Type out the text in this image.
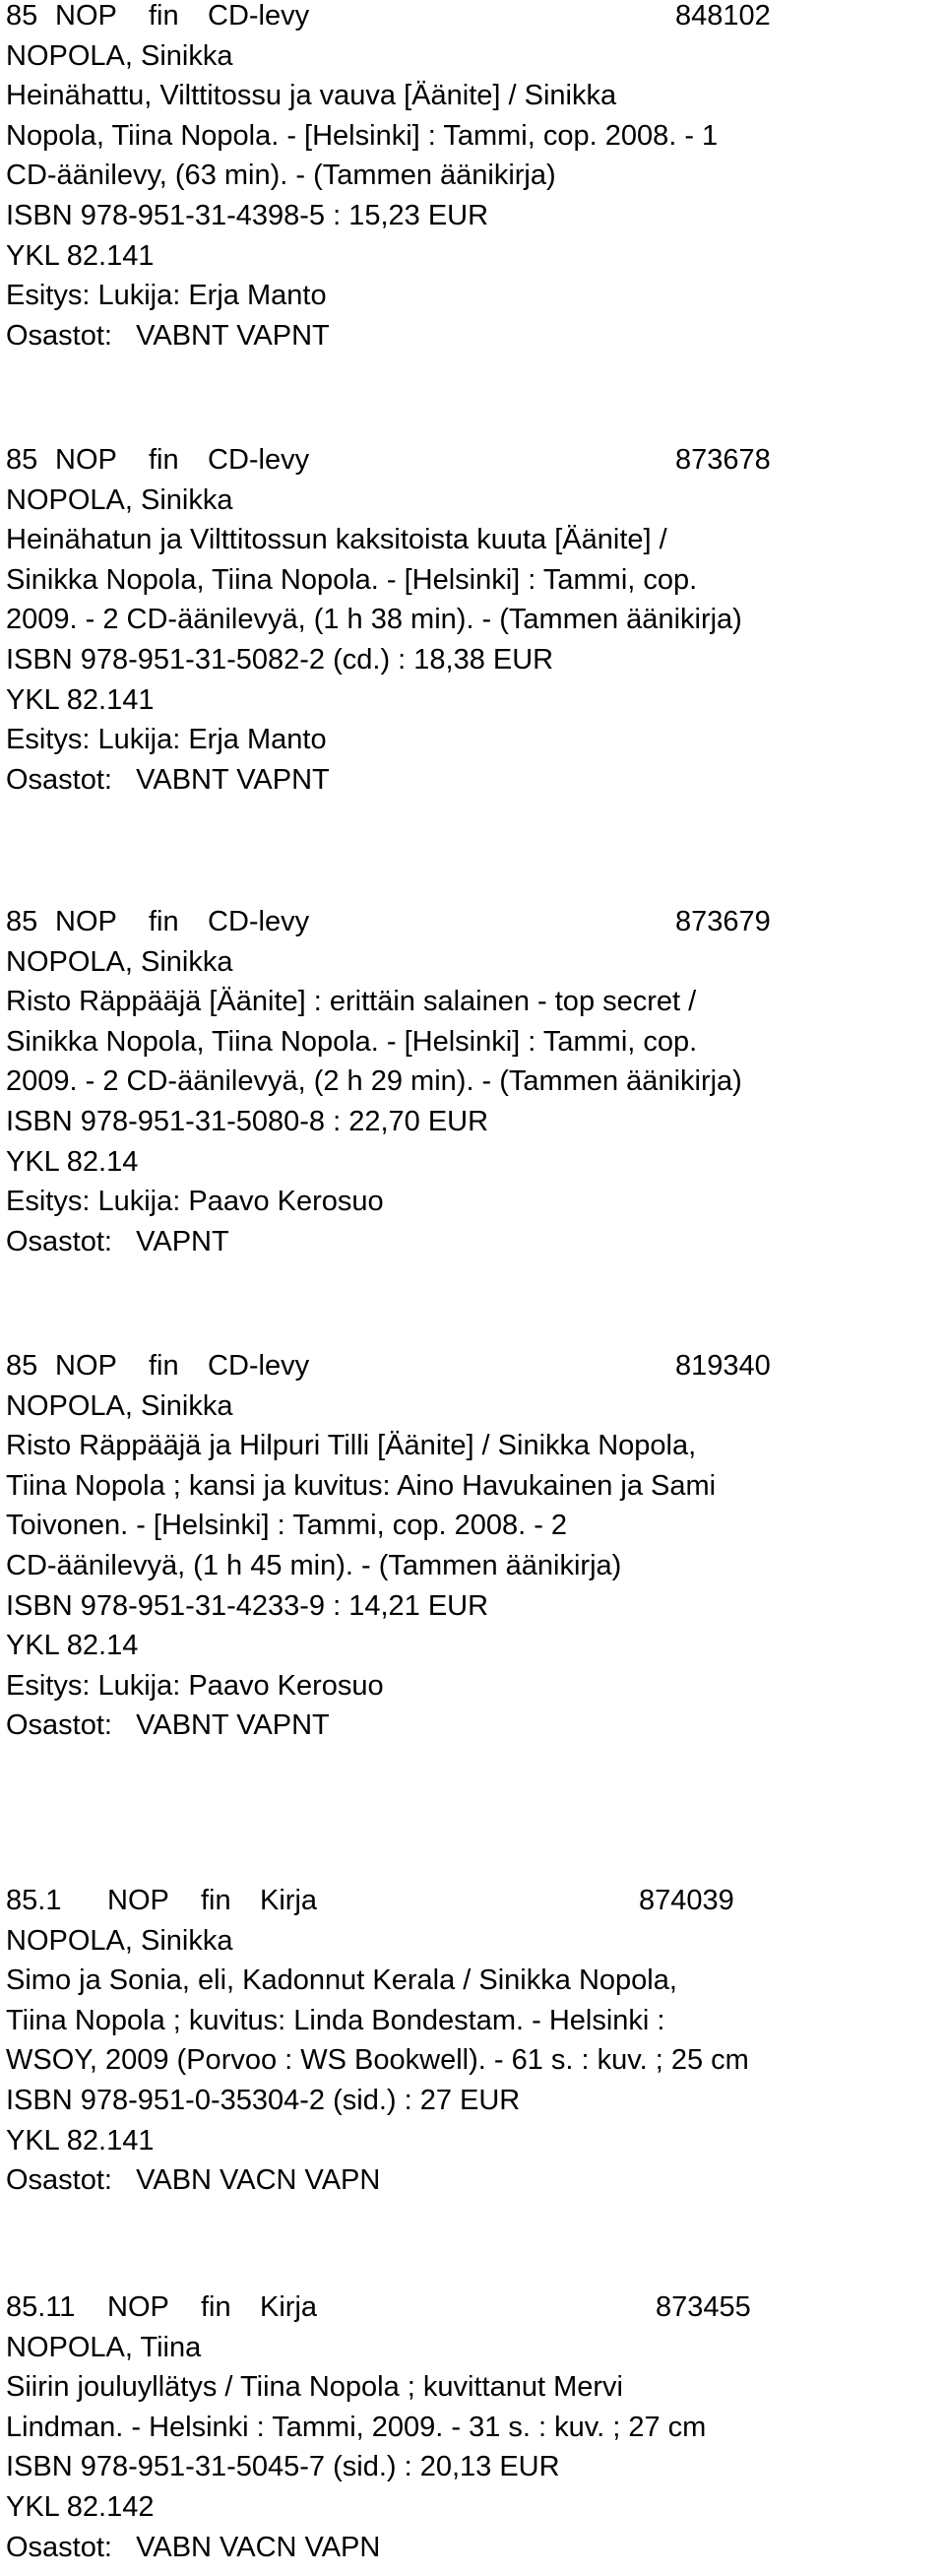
85 NOP fin CD-levy	848102
NOPOLA, Sinikka
Heinähattu, Vilttitossu ja vauva [Äänite] / Sinikka
Nopola, Tiina Nopola. - [Helsinki] : Tammi, cop. 2008. - 1
CD-äänilevy, (63 min). - (Tammen äänikirja)
ISBN 978-951-31-4398-5 : 15,23 EUR
YKL 82.141
Esitys: Lukija: Erja Manto
Osastot:   VABNT VAPNT
85 NOP fin CD-levy	873678
NOPOLA, Sinikka
Heinähatun ja Vilttitossun kaksitoista kuuta [Äänite] /
Sinikka Nopola, Tiina Nopola. - [Helsinki] : Tammi, cop.
2009. - 2 CD-äänilevyä, (1 h 38 min). - (Tammen äänikirja)
ISBN 978-951-31-5082-2 (cd.) : 18,38 EUR
YKL 82.141
Esitys: Lukija: Erja Manto
Osastot:   VABNT VAPNT
85 NOP fin CD-levy	873679
NOPOLA, Sinikka
Risto Räppääjä [Äänite] : erittäin salainen - top secret /
Sinikka Nopola, Tiina Nopola. - [Helsinki] : Tammi, cop.
2009. - 2 CD-äänilevyä, (2 h 29 min). - (Tammen äänikirja)
ISBN 978-951-31-5080-8 : 22,70 EUR
YKL 82.14
Esitys: Lukija: Paavo Kerosuo
Osastot:   VAPNT
85 NOP fin CD-levy	819340
NOPOLA, Sinikka
Risto Räppääjä ja Hilpuri Tilli [Äänite] / Sinikka Nopola,
Tiina Nopola ; kansi ja kuvitus: Aino Havukainen ja Sami
Toivonen. - [Helsinki] : Tammi, cop. 2008. - 2
CD-äänilevyä, (1 h 45 min). - (Tammen äänikirja)
ISBN 978-951-31-4233-9 : 14,21 EUR
YKL 82.14
Esitys: Lukija: Paavo Kerosuo
Osastot:   VABNT VAPNT
85.1 NOP fin Kirja	874039
NOPOLA, Sinikka
Simo ja Sonia, eli, Kadonnut Kerala / Sinikka Nopola,
Tiina Nopola ; kuvitus: Linda Bondestam. - Helsinki :
WSOY, 2009 (Porvoo : WS Bookwell). - 61 s. : kuv. ; 25 cm
ISBN 978-951-0-35304-2 (sid.) : 27 EUR
YKL 82.141
Osastot:   VABN VACN VAPN
85.11 NOP fin Kirja	873455
NOPOLA, Tiina
Siirin jouluyllätys / Tiina Nopola ; kuvittanut Mervi
Lindman. - Helsinki : Tammi, 2009. - 31 s. : kuv. ; 27 cm
ISBN 978-951-31-5045-7 (sid.) : 20,13 EUR
YKL 82.142
Osastot:   VABN VACN VAPN
